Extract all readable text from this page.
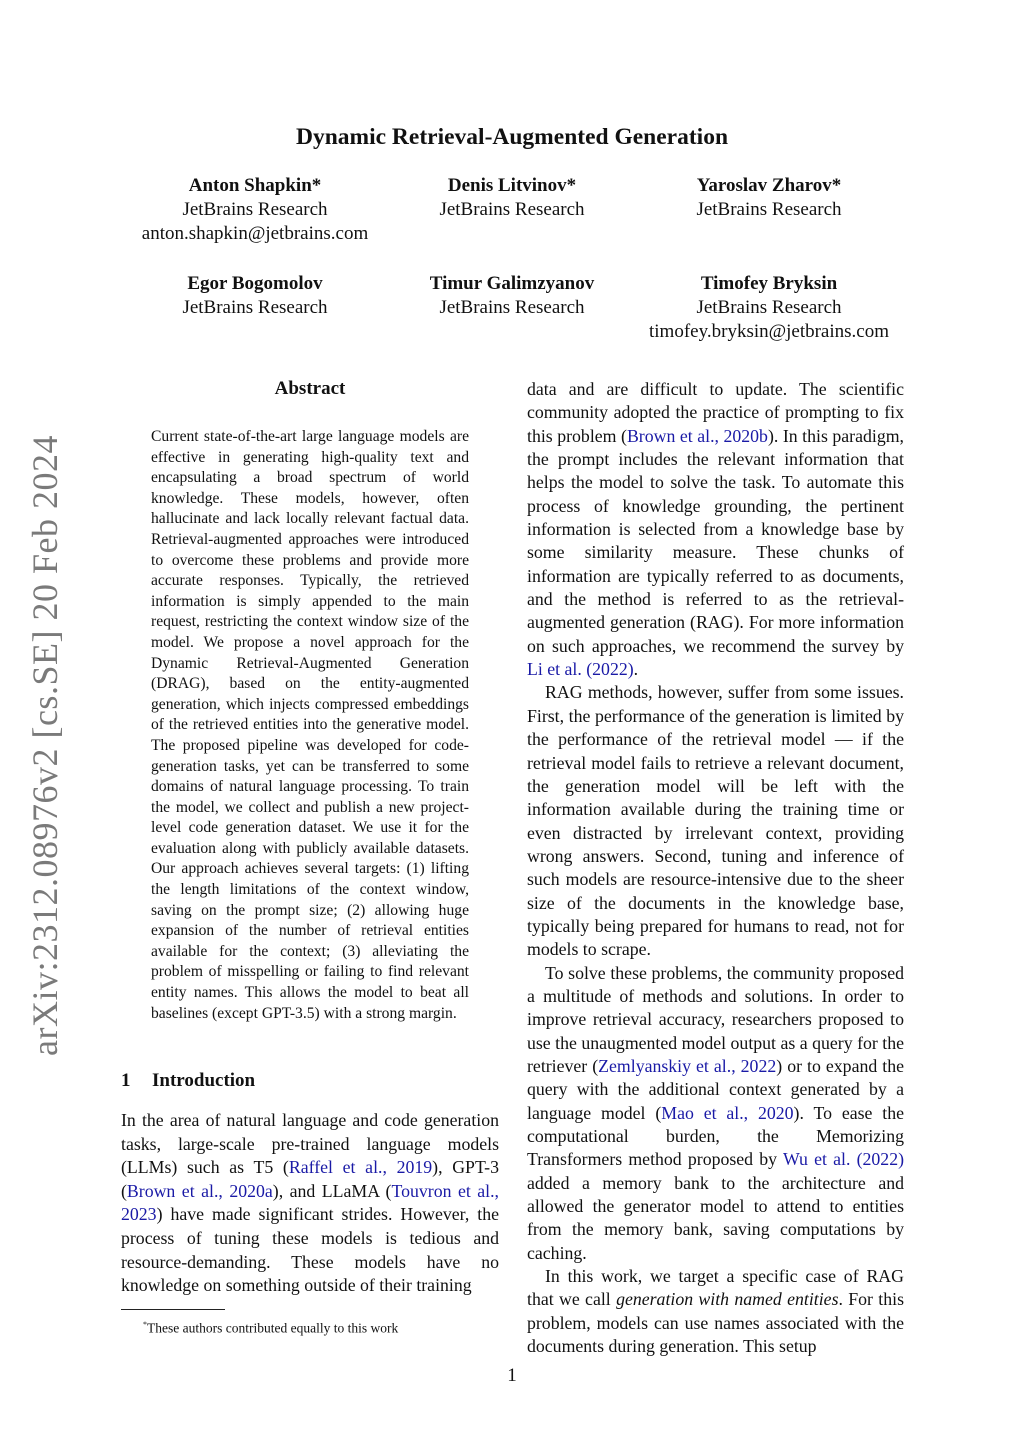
Dynamic Retrieval-Augmented Generation
Anton Shapkin*
JetBrains Research
anton.shapkin@jetbrains.com
Denis Litvinov*
JetBrains Research
Yaroslav Zharov*
JetBrains Research
Egor Bogomolov
JetBrains Research
Timur Galimzyanov
JetBrains Research
Timofey Bryksin
JetBrains Research
timofey.bryksin@jetbrains.com
arXiv:2312.08976v2 [cs.SE] 20 Feb 2024
Abstract
Current state-of-the-art large language models are effective in generating high-quality text and encapsulating a broad spectrum of world knowledge. These models, however, often hallucinate and lack locally relevant factual data. Retrieval-augmented approaches were introduced to overcome these problems and provide more accurate responses. Typically, the retrieved information is simply appended to the main request, restricting the context window size of the model. We propose a novel approach for the Dynamic Retrieval-Augmented Generation (DRAG), based on the entity-augmented generation, which injects compressed embeddings of the retrieved entities into the generative model. The proposed pipeline was developed for code-generation tasks, yet can be transferred to some domains of natural language processing. To train the model, we collect and publish a new project-level code generation dataset. We use it for the evaluation along with publicly available datasets. Our approach achieves several targets: (1) lifting the length limitations of the context window, saving on the prompt size; (2) allowing huge expansion of the number of retrieval entities available for the context; (3) alleviating the problem of misspelling or failing to find relevant entity names. This allows the model to beat all baselines (except GPT-3.5) with a strong margin.
1 Introduction
In the area of natural language and code generation tasks, large-scale pre-trained language models (LLMs) such as T5 (Raffel et al., 2019), GPT-3 (Brown et al., 2020a), and LLaMA (Touvron et al., 2023) have made significant strides. However, the process of tuning these models is tedious and resource-demanding. These models have no knowledge on something outside of their training
*These authors contributed equally to this work

data and are difficult to update. The scientific community adopted the practice of prompting to fix this problem (Brown et al., 2020b). In this paradigm, the prompt includes the relevant information that helps the model to solve the task. To automate this process of knowledge grounding, the pertinent information is selected from a knowledge base by some similarity measure. These chunks of information are typically referred to as documents, and the method is referred to as the retrieval-augmented generation (RAG). For more information on such approaches, we recommend the survey by Li et al. (2022).

RAG methods, however, suffer from some issues. First, the performance of the generation is limited by the performance of the retrieval model — if the retrieval model fails to retrieve a relevant document, the generation model will be left with the information available during the training time or even distracted by irrelevant context, providing wrong answers. Second, tuning and inference of such models are resource-intensive due to the sheer size of the documents in the knowledge base, typically being prepared for humans to read, not for models to scrape.

To solve these problems, the community proposed a multitude of methods and solutions. In order to improve retrieval accuracy, researchers proposed to use the unaugmented model output as a query for the retriever (Zemlyanskiy et al., 2022) or to expand the query with the additional context generated by a language model (Mao et al., 2020). To ease the computational burden, the Memorizing Transformers method proposed by Wu et al. (2022) added a memory bank to the architecture and allowed the generator model to attend to entities from the memory bank, saving computations by caching.

In this work, we target a specific case of RAG that we call generation with named entities. For this problem, models can use names associated with the documents during generation. This setup

1
